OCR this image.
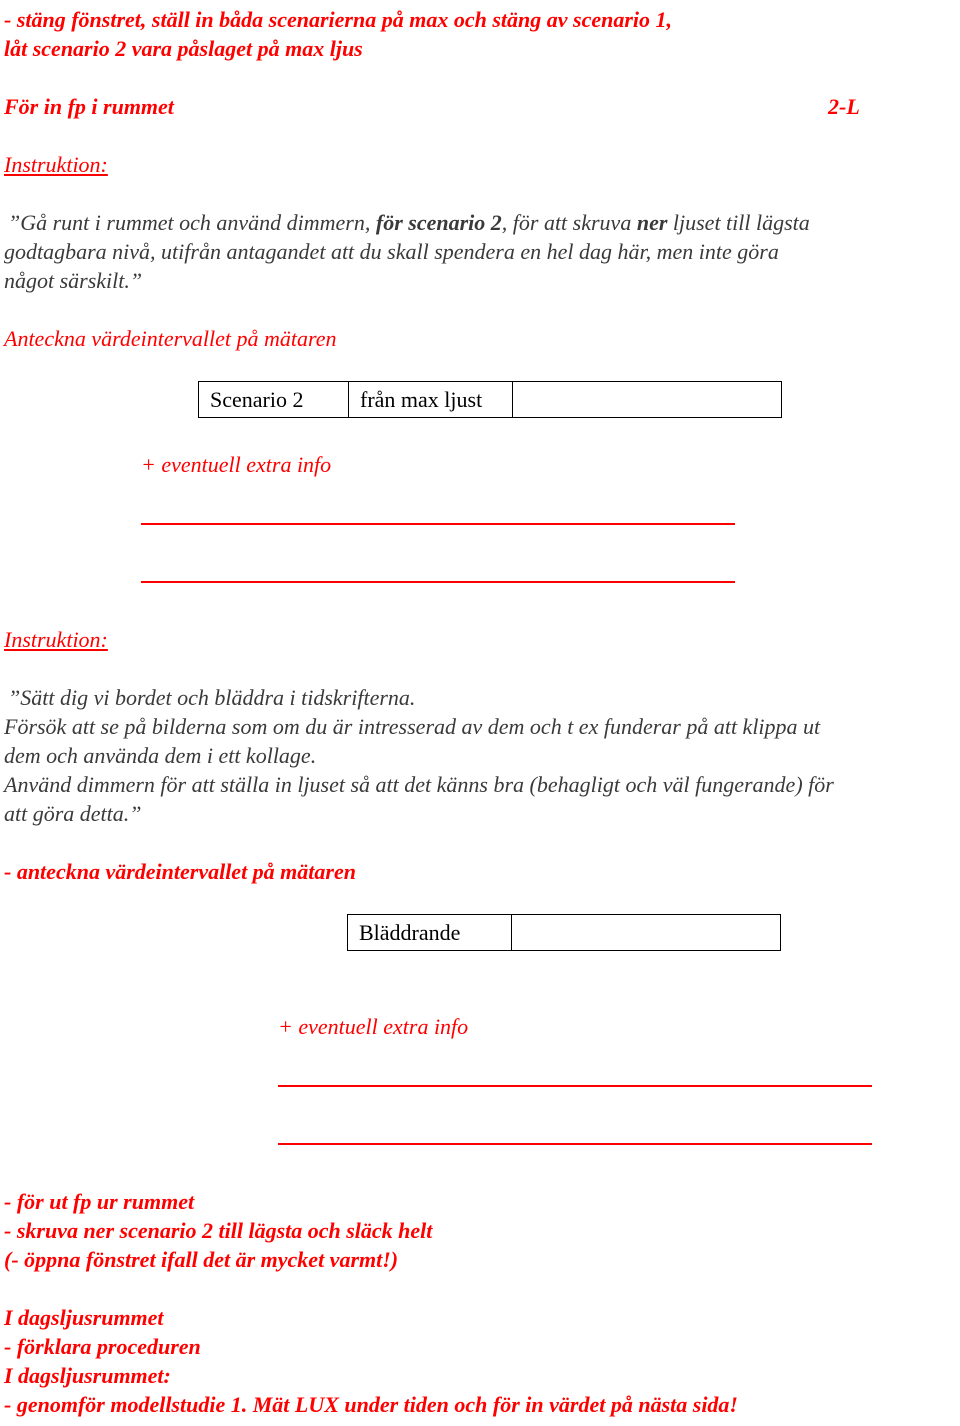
- stäng fönstret, ställ in båda scenarierna på max och stäng av scenario 1,
låt scenario 2 vara påslaget på max ljus
För in fp i rummet	2-L
Instruktion:
”Gå runt i rummet och använd dimmern, för scenario 2, för att skruva ner ljuset till lägsta
godtagbara nivå, utifrån antagandet att du skall spendera en hel dag här, men inte göra
något särskilt.”
Anteckna värdeintervallet på mätaren
Scenario 2	från max ljust	
+ eventuell extra info
Instruktion:
”Sätt dig vi bordet och bläddra i tidskrifterna.
Försök att se på bilderna som om du är intresserad av dem och t ex funderar på att klippa ut
dem och använda dem i ett kollage.
Använd dimmern för att ställa in ljuset så att det känns bra (behagligt och väl fungerande) för
att göra detta.”
- anteckna värdeintervallet på mätaren
Bläddrande	
+ eventuell extra info
- för ut fp ur rummet
- skruva ner scenario 2 till lägsta och släck helt
(- öppna fönstret ifall det är mycket varmt!)
I dagsljusrummet
- förklara proceduren
I dagsljusrummet:
- genomför modellstudie 1. Mät LUX under tiden och för in värdet på nästa sida!
